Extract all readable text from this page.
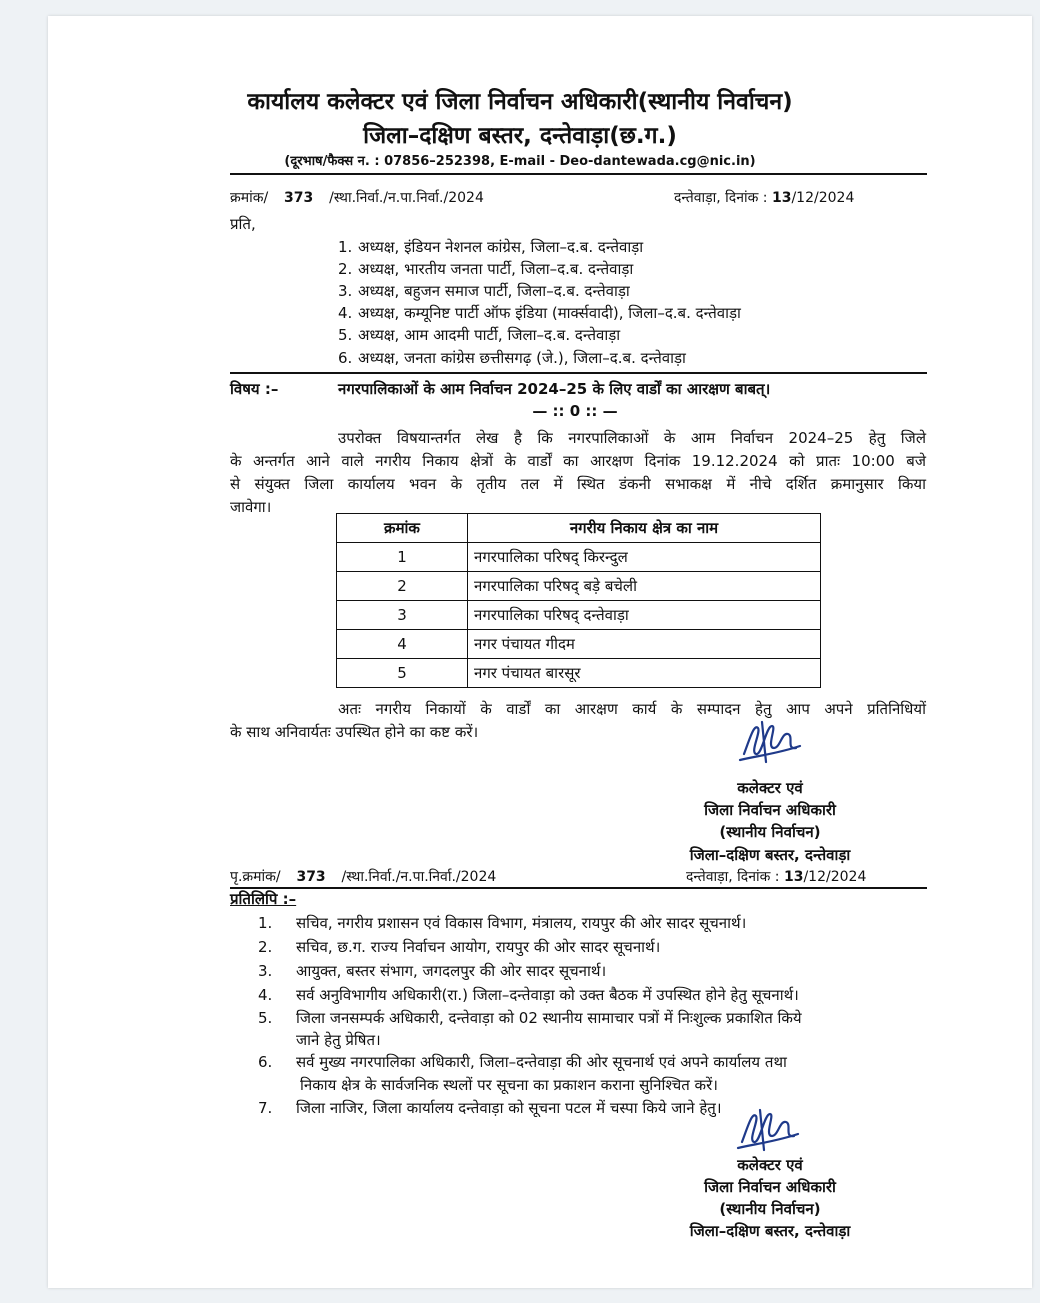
कार्यालय कलेक्टर एवं जिला निर्वाचन अधिकारी(स्थानीय निर्वाचन)
जिला–दक्षिण बस्तर, दन्तेवाड़ा(छ.ग.)
(दूरभाष/फैक्स न. : 07856–252398, E-mail - Deo-dantewada.cg@nic.in)
क्रमांक/ 373 /स्था.निर्वा./न.पा.निर्वा./2024	दन्तेवाड़ा, दिनांक : 13/12/2024
प्रति,
1. अध्यक्ष, इंडियन नेशनल कांग्रेस, जिला–द.ब. दन्तेवाड़ा
2. अध्यक्ष, भारतीय जनता पार्टी, जिला–द.ब. दन्तेवाड़ा
3. अध्यक्ष, बहुजन समाज पार्टी, जिला–द.ब. दन्तेवाड़ा
4. अध्यक्ष, कम्यूनिष्ट पार्टी ऑफ इंडिया (मार्क्सवादी), जिला–द.ब. दन्तेवाड़ा
5. अध्यक्ष, आम आदमी पार्टी, जिला–द.ब. दन्तेवाड़ा
6. अध्यक्ष, जनता कांग्रेस छत्तीसगढ़ (जे.), जिला–द.ब. दन्तेवाड़ा
विषय :–	नगरपालिकाओं के आम निर्वाचन 2024–25 के लिए वार्डों का आरक्षण बाबत्।
— :: 0 :: —
उपरोक्त विषयान्तर्गत लेख है कि नगरपालिकाओं के आम निर्वाचन 2024–25 हेतु जिले
के अन्तर्गत आने वाले नगरीय निकाय क्षेत्रों के वार्डों का आरक्षण दिनांक 19.12.2024 को प्रातः 10:00 बजे
से संयुक्त जिला कार्यालय भवन के तृतीय तल में स्थित डंकनी सभाकक्ष में नीचे दर्शित क्रमानुसार किया
जावेगा।
क्रमांक	नगरीय निकाय क्षेत्र का नाम
1	नगरपालिका परिषद् किरन्दुल
2	नगरपालिका परिषद् बड़े बचेली
3	नगरपालिका परिषद् दन्तेवाड़ा
4	नगर पंचायत गीदम
5	नगर पंचायत बारसूर
अतः नगरीय निकायों के वार्डों का आरक्षण कार्य के सम्पादन हेतु आप अपने प्रतिनिधियों
के साथ अनिवार्यतः उपस्थित होने का कष्ट करें।
कलेक्टर एवं
जिला निर्वाचन अधिकारी
(स्थानीय निर्वाचन)
जिला–दक्षिण बस्तर, दन्तेवाड़ा
पृ.क्रमांक/ 373 /स्था.निर्वा./न.पा.निर्वा./2024	दन्तेवाड़ा, दिनांक : 13/12/2024
प्रतिलिपि :–
1. सचिव, नगरीय प्रशासन एवं विकास विभाग, मंत्रालय, रायपुर की ओर सादर सूचनार्थ।
2. सचिव, छ.ग. राज्य निर्वाचन आयोग, रायपुर की ओर सादर सूचनार्थ।
3. आयुक्त, बस्तर संभाग, जगदलपुर की ओर सादर सूचनार्थ।
4. सर्व अनुविभागीय अधिकारी(रा.) जिला–दन्तेवाड़ा को उक्त बैठक में उपस्थित होने हेतु सूचनार्थ।
5. जिला जनसम्पर्क अधिकारी, दन्तेवाड़ा को 02 स्थानीय सामाचार पत्रों में निःशुल्क प्रकाशित किये
जाने हेतु प्रेषित।
6. सर्व मुख्य नगरपालिका अधिकारी, जिला–दन्तेवाड़ा की ओर सूचनार्थ एवं अपने कार्यालय तथा
निकाय क्षेत्र के सार्वजनिक स्थलों पर सूचना का प्रकाशन कराना सुनिश्चित करें।
7. जिला नाजिर, जिला कार्यालय दन्तेवाड़ा को सूचना पटल में चस्पा किये जाने हेतु।
कलेक्टर एवं
जिला निर्वाचन अधिकारी
(स्थानीय निर्वाचन)
जिला–दक्षिण बस्तर, दन्तेवाड़ा
